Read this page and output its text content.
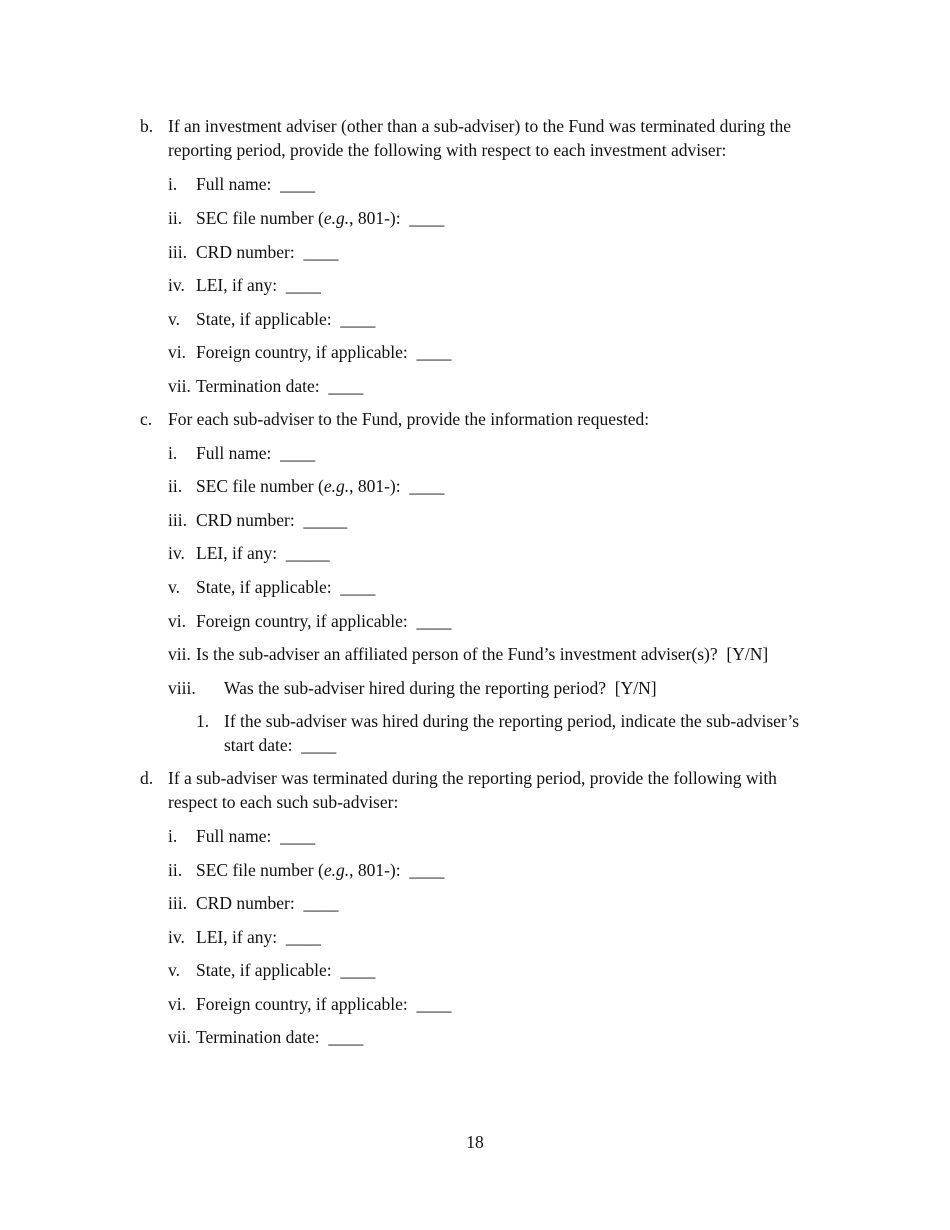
b. If an investment adviser (other than a sub-adviser) to the Fund was terminated during the
reporting period, provide the following with respect to each investment adviser:
i. Full name: ____
ii. SEC file number (e.g., 801-): ____
iii. CRD number: ____
iv. LEI, if any: ____
v. State, if applicable: ____
vi. Foreign country, if applicable: ____
vii. Termination date: ____
c. For each sub-adviser to the Fund, provide the information requested:
i. Full name: ____
ii. SEC file number (e.g., 801-): ____
iii. CRD number: _____
iv. LEI, if any: _____
v. State, if applicable: ____
vi. Foreign country, if applicable: ____
vii. Is the sub-adviser an affiliated person of the Fund’s investment adviser(s)? [Y/N]
viii. Was the sub-adviser hired during the reporting period? [Y/N]
1. If the sub-adviser was hired during the reporting period, indicate the sub-adviser’s
start date: ____
d. If a sub-adviser was terminated during the reporting period, provide the following with
respect to each such sub-adviser:
i. Full name: ____
ii. SEC file number (e.g., 801-): ____
iii. CRD number: ____
iv. LEI, if any: ____
v. State, if applicable: ____
vi. Foreign country, if applicable: ____
vii. Termination date: ____
18
